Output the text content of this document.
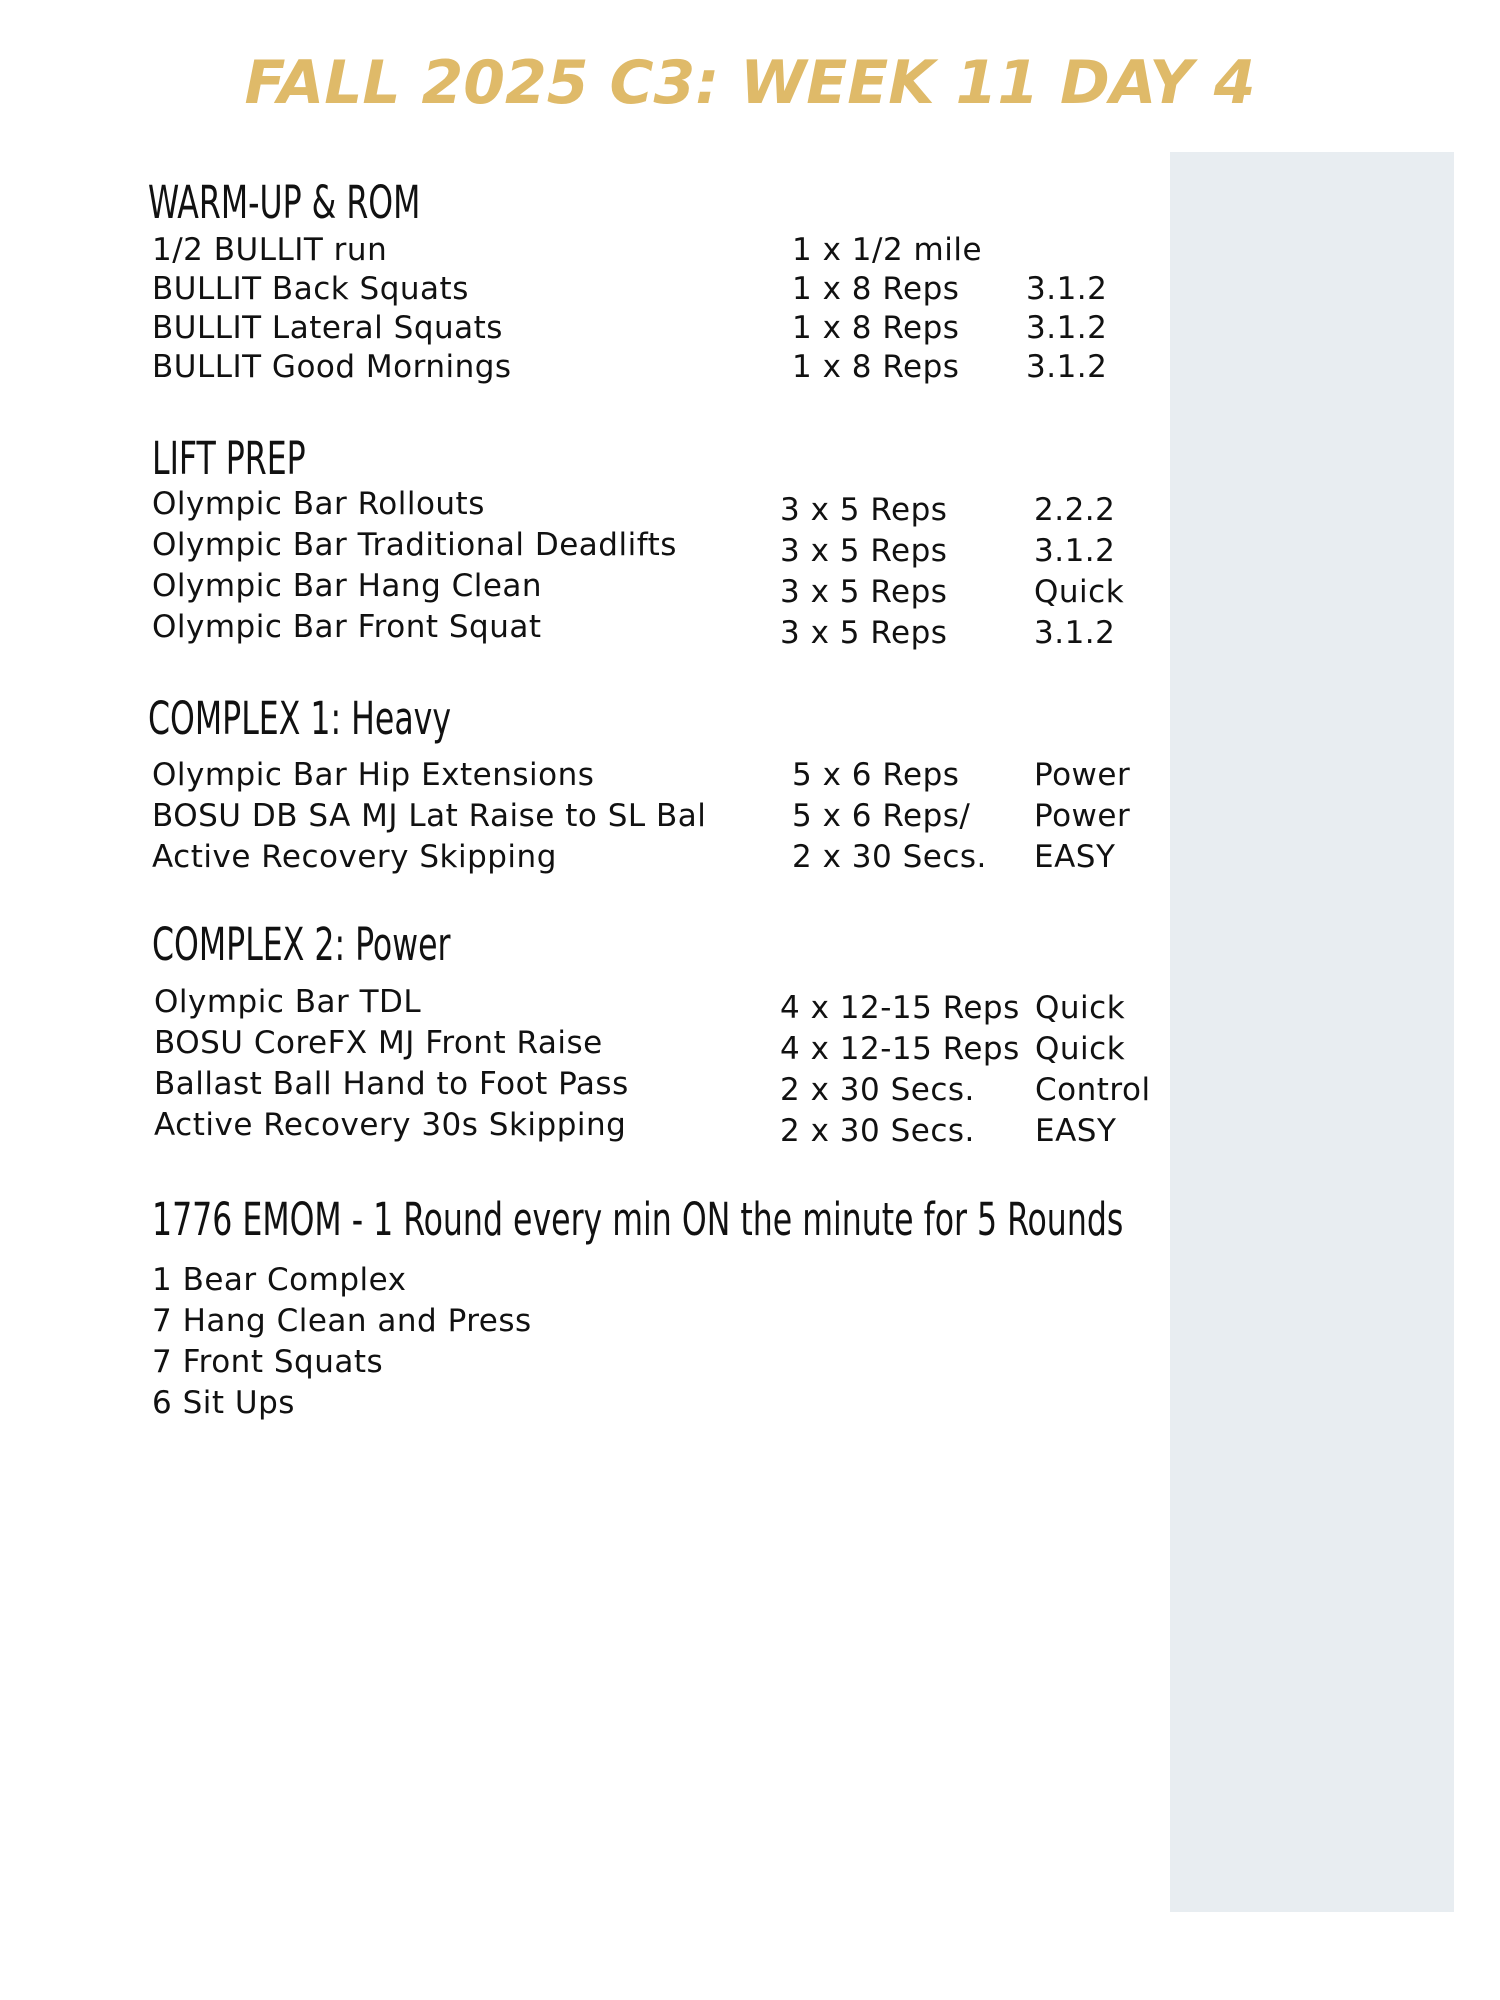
FALL 2025 C3: WEEK 11 DAY 4
WARM-UP & ROM
1/2 BULLIT run	1 x 1/2 mile
BULLIT Back Squats	1 x 8 Reps 3.1.2
BULLIT Lateral Squats	1 x 8 Reps 3.1.2
BULLIT Good Mornings	1 x 8 Reps 3.1.2
LIFT PREP
Olympic Bar Rollouts	3 x 5 Reps	2.2.2
Olympic Bar Traditional Deadlifts	3 x 5 Reps	3.1.2
Olympic Bar Hang Clean	3 x 5 Reps	Quick
Olympic Bar Front Squat	3 x 5 Reps	3.1.2
COMPLEX 1: Heavy
Olympic Bar Hip Extensions	5 x 6 Reps Power
BOSU DB SA MJ Lat Raise to SL Bal	5 x 6 Reps/ Power
Active Recovery Skipping	2 x 30 Secs. EASY
COMPLEX 2: Power
Olympic Bar TDL	4 x 12-15 Reps Quick
BOSU CoreFX MJ Front Raise	4 x 12-15 Reps Quick
Ballast Ball Hand to Foot Pass	2 x 30 Secs. Control
Active Recovery 30s Skipping	2 x 30 Secs. EASY
1776 EMOM - 1 Round every min ON the minute for 5 Rounds
1 Bear Complex
7 Hang Clean and Press
7 Front Squats
6 Sit Ups
